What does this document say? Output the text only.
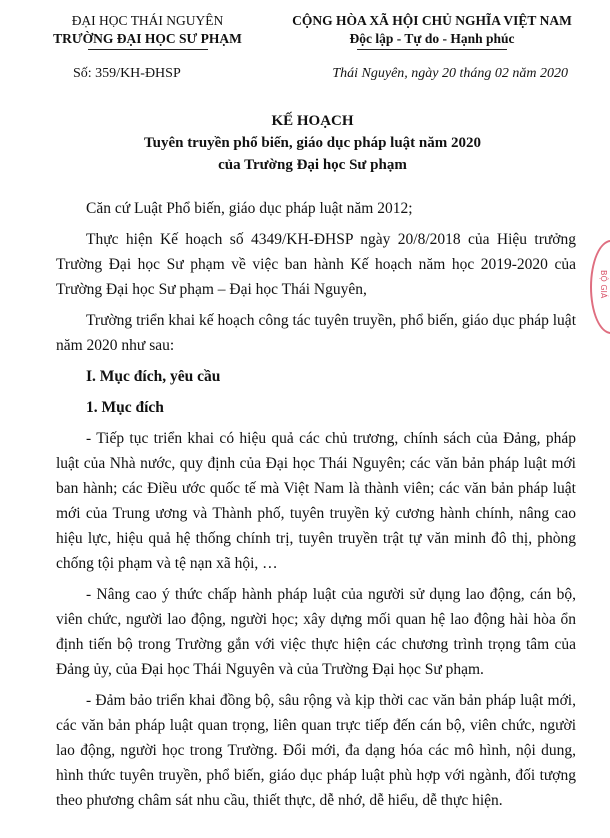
ĐẠI HỌC THÁI NGUYÊN
TRƯỜNG ĐẠI HỌC SƯ PHẠM
CỘNG HÒA XÃ HỘI CHỦ NGHĨA VIỆT NAM
Độc lập - Tự do - Hạnh phúc
Số: 359/KH-ĐHSP	Thái Nguyên, ngày 20 tháng 02 năm 2020
KẾ HOẠCH
Tuyên truyền phổ biến, giáo dục pháp luật năm 2020
của Trường Đại học Sư phạm

Căn cứ Luật Phổ biến, giáo dục pháp luật năm 2012;

Thực hiện Kế hoạch số 4349/KH-ĐHSP ngày 20/8/2018 của Hiệu trưởng Trường Đại học Sư phạm về việc ban hành Kế hoạch năm học 2019-2020 của Trường Đại học Sư phạm – Đại học Thái Nguyên,

Trường triển khai kế hoạch công tác tuyên truyền, phổ biến, giáo dục pháp luật năm 2020 như sau:

I. Mục đích, yêu cầu

1. Mục đích

- Tiếp tục triển khai có hiệu quả các chủ trương, chính sách của Đảng, pháp luật của Nhà nước, quy định của Đại học Thái Nguyên; các văn bản pháp luật mới ban hành; các Điều ước quốc tế mà Việt Nam là thành viên; các văn bản pháp luật mới của Trung ương và Thành phố, tuyên truyền kỷ cương hành chính, nâng cao hiệu lực, hiệu quả hệ thống chính trị, tuyên truyền trật tự văn minh đô thị, phòng chống tội phạm và tệ nạn xã hội, …

- Nâng cao ý thức chấp hành pháp luật của người sử dụng lao động, cán bộ, viên chức, người lao động, người học; xây dựng mối quan hệ lao động hài hòa ổn định tiến bộ trong Trường gắn với việc thực hiện các chương trình trọng tâm của Đảng ủy, của Đại học Thái Nguyên và của Trường Đại học Sư phạm.

- Đảm bảo triển khai đồng bộ, sâu rộng và kịp thời cac văn bản pháp luật mới, các văn bản pháp luật quan trọng, liên quan trực tiếp đến cán bộ, viên chức, người lao động, người học trong Trường. Đổi mới, đa dạng hóa các mô hình, nội dung, hình thức tuyên truyền, phổ biến, giáo dục pháp luật phù hợp với ngành, đối tượng theo phương châm sát nhu cầu, thiết thực, dễ nhớ, dễ hiểu, dễ thực hiện.

BỘ GIÁ
